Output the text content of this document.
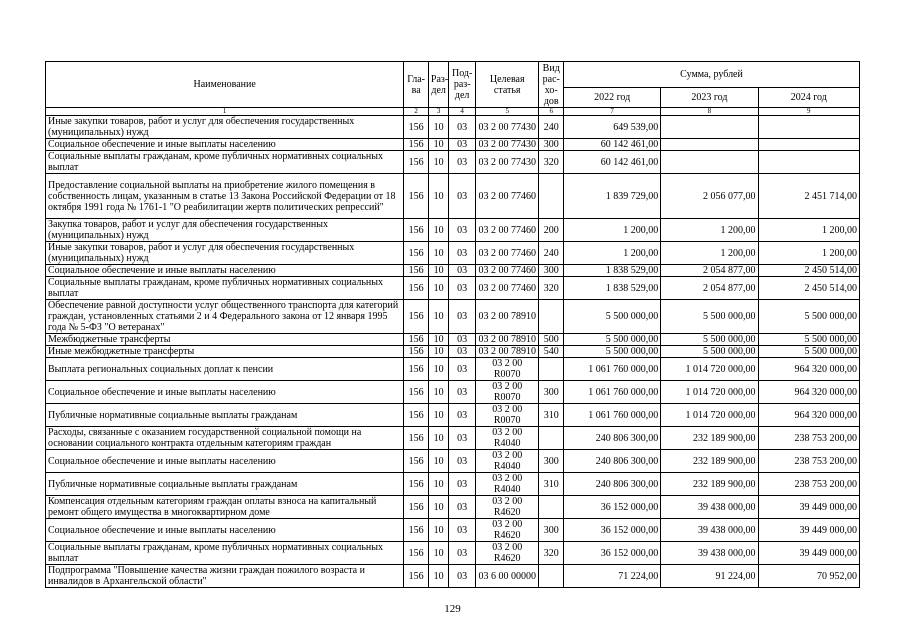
Наименование	Гла-ва	Раз-дел	Под-раз-дел	Целевая статья	Вид рас-хо-дов	Сумма, рублей		
						2022 год	2023 год	2024 год
1	2	3	4	5	6	7	8	9
Иные закупки товаров, работ и услуг для обеспечения государственных (муниципальных) нужд	156	10	03	03 2 00 77430	240	649 539,00		
Социальное обеспечение и иные выплаты населению	156	10	03	03 2 00 77430	300	60 142 461,00		
Социальные выплаты гражданам, кроме публичных нормативных социальных выплат	156	10	03	03 2 00 77430	320	60 142 461,00		
Предоставление социальной выплаты на приобретение жилого помещения в собственность лицам, указанным в статье 13 Закона Российской Федерации от 18 октября 1991 года № 1761-1 "О реабилитации жертв политических репрессий"	156	10	03	03 2 00 77460		1 839 729,00	2 056 077,00	2 451 714,00
Закупка товаров, работ и услуг для обеспечения государственных (муниципальных) нужд	156	10	03	03 2 00 77460	200	1 200,00	1 200,00	1 200,00
Иные закупки товаров, работ и услуг для обеспечения государственных (муниципальных) нужд	156	10	03	03 2 00 77460	240	1 200,00	1 200,00	1 200,00
Социальное обеспечение и иные выплаты населению	156	10	03	03 2 00 77460	300	1 838 529,00	2 054 877,00	2 450 514,00
Социальные выплаты гражданам, кроме публичных нормативных социальных выплат	156	10	03	03 2 00 77460	320	1 838 529,00	2 054 877,00	2 450 514,00
Обеспечение равной доступности услуг общественного транспорта для категорий граждан, установленных статьями 2 и 4 Федерального закона от 12 января 1995 года № 5-ФЗ "О ветеранах"	156	10	03	03 2 00 78910		5 500 000,00	5 500 000,00	5 500 000,00
Межбюджетные трансферты	156	10	03	03 2 00 78910	500	5 500 000,00	5 500 000,00	5 500 000,00
Иные межбюджетные трансферты	156	10	03	03 2 00 78910	540	5 500 000,00	5 500 000,00	5 500 000,00
Выплата региональных социальных доплат к пенсии	156	10	03	03 2 00 R0070		1 061 760 000,00	1 014 720 000,00	964 320 000,00
Социальное обеспечение и иные выплаты населению	156	10	03	03 2 00 R0070	300	1 061 760 000,00	1 014 720 000,00	964 320 000,00
Публичные нормативные социальные выплаты гражданам	156	10	03	03 2 00 R0070	310	1 061 760 000,00	1 014 720 000,00	964 320 000,00
Расходы, связанные с оказанием государственной социальной помощи на основании социального контракта отдельным категориям граждан	156	10	03	03 2 00 R4040		240 806 300,00	232 189 900,00	238 753 200,00
Социальное обеспечение и иные выплаты населению	156	10	03	03 2 00 R4040	300	240 806 300,00	232 189 900,00	238 753 200,00
Публичные нормативные социальные выплаты гражданам	156	10	03	03 2 00 R4040	310	240 806 300,00	232 189 900,00	238 753 200,00
Компенсация отдельным категориям граждан оплаты взноса на капитальный ремонт общего имущества в многоквартирном доме	156	10	03	03 2 00 R4620		36 152 000,00	39 438 000,00	39 449 000,00
Социальное обеспечение и иные выплаты населению	156	10	03	03 2 00 R4620	300	36 152 000,00	39 438 000,00	39 449 000,00
Социальные выплаты гражданам, кроме публичных нормативных социальных выплат	156	10	03	03 2 00 R4620	320	36 152 000,00	39 438 000,00	39 449 000,00
Подпрограмма "Повышение качества жизни граждан пожилого возраста и инвалидов в Архангельской области"	156	10	03	03 6 00 00000		71 224,00	91 224,00	70 952,00
129
